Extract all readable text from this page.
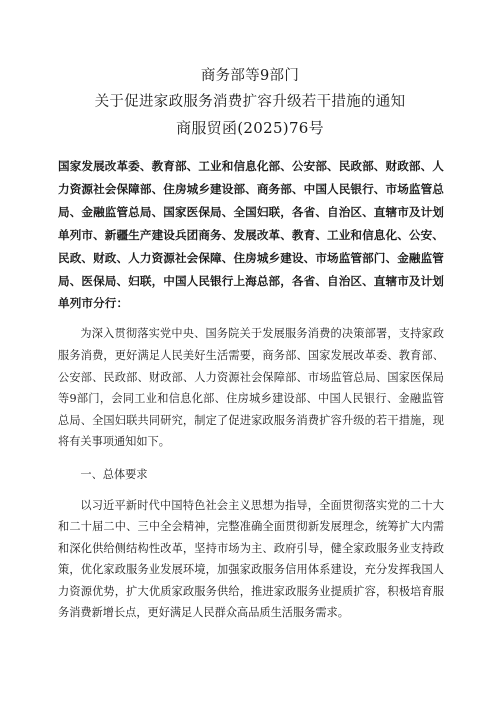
商务部等9部门
关于促进家政服务消费扩容升级若干措施的通知
商服贸函(2025)76号
国家发展改革委、教育部、工业和信息化部、公安部、民政部、财政部、人力资源社会保障部、住房城乡建设部、商务部、中国人民银行、市场监管总局、金融监管总局、国家医保局、全国妇联，各省、自治区、直辖市及计划单列市、新疆生产建设兵团商务、发展改革、教育、工业和信息化、公安、民政、财政、人力资源社会保障、住房城乡建设、市场监管部门、金融监管局、医保局、妇联，中国人民银行上海总部，各省、自治区、直辖市及计划单列市分行：
为深入贯彻落实党中央、国务院关于发展服务消费的决策部署，支持家政服务消费，更好满足人民美好生活需要，商务部、国家发展改革委、教育部、公安部、民政部、财政部、人力资源社会保障部、市场监管总局、国家医保局等9部门，会同工业和信息化部、住房城乡建设部、中国人民银行、金融监管总局、全国妇联共同研究，制定了促进家政服务消费扩容升级的若干措施，现将有关事项通知如下。
一、总体要求
以习近平新时代中国特色社会主义思想为指导，全面贯彻落实党的二十大和二十届二中、三中全会精神，完整准确全面贯彻新发展理念，统筹扩大内需和深化供给侧结构性改革，坚持市场为主、政府引导，健全家政服务业支持政策，优化家政服务业发展环境，加强家政服务信用体系建设，充分发挥我国人力资源优势，扩大优质家政服务供给，推进家政服务业提质扩容，积极培育服务消费新增长点，更好满足人民群众高品质生活服务需求。
